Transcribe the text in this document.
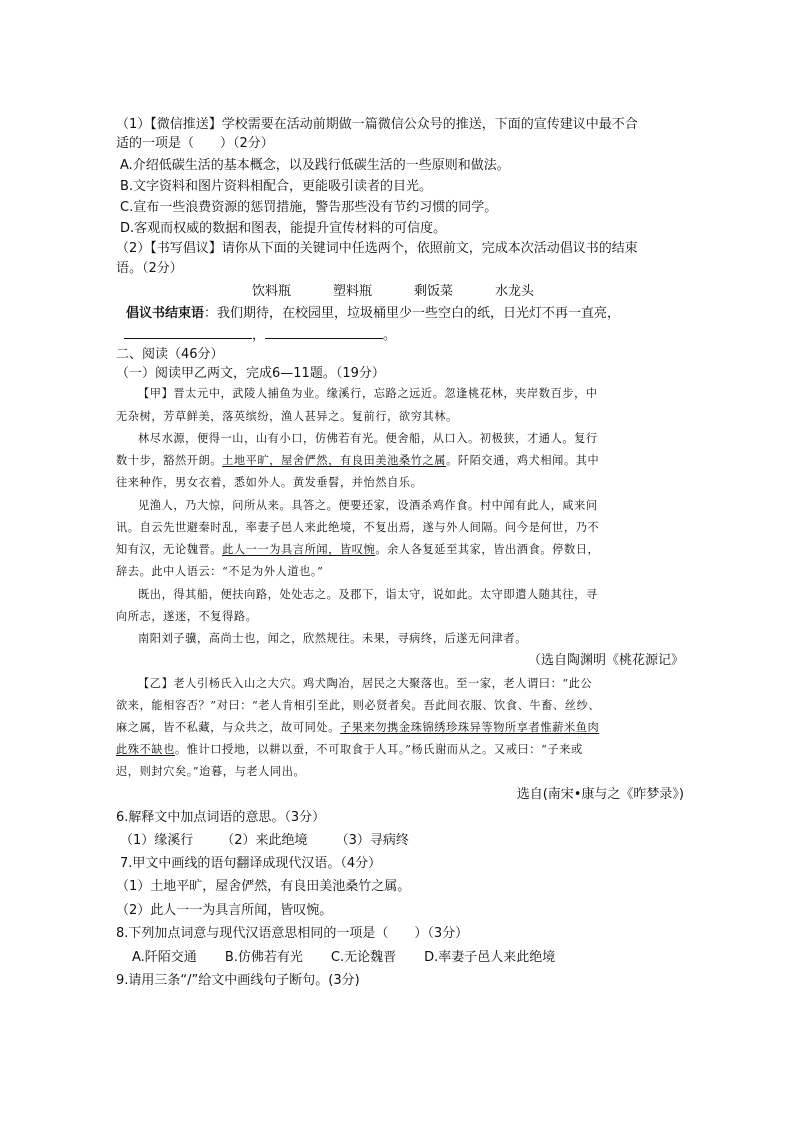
（1）【微信推送】学校需要在活动前期做一篇微信公众号的推送，下面的宣传建议中最不合
适的一项是（　　）（2分）
A.介绍低碳生活的基本概念，以及践行低碳生活的一些原则和做法。
B.文字资料和图片资料相配合，更能吸引读者的目光。
C.宣布一些浪费资源的惩罚措施，警告那些没有节约习惯的同学。
D.客观而权威的数据和图表，能提升宣传材料的可信度。
（2）【书写倡议】请你从下面的关键词中任选两个，依照前文，完成本次活动倡议书的结束
语。（2分）
饮料瓶	塑料瓶	剩饭菜	水龙头
倡议书结束语：我们期待，在校园里，垃圾桶里少一些空白的纸，日光灯不再一直亮，
，	。
二、阅读（46分）
（一）阅读甲乙两文，完成6—11题。（19分）
【甲】晋太元中，武陵人捕鱼为业。缘溪行，忘路之远近。忽逢桃花林，夹岸数百步，中
无杂树，芳草鲜美，落英缤纷，渔人甚异之。复前行，欲穷其林。
林尽水源，便得一山，山有小口，仿佛若有光。便舍船，从口入。初极狭，才通人。复行
数十步，豁然开朗。土地平旷，屋舍俨然，有良田美池桑竹之属。阡陌交通，鸡犬相闻。其中
往来种作，男女衣着，悉如外人。黄发垂髫，并怡然自乐。
见渔人，乃大惊，问所从来。具答之。便要还家，设酒杀鸡作食。村中闻有此人，咸来问
讯。自云先世避秦时乱，率妻子邑人来此绝境，不复出焉，遂与外人间隔。问今是何世，乃不
知有汉，无论魏晋。此人一一为具言所闻，皆叹惋。余人各复延至其家，皆出酒食。停数日，
辞去。此中人语云：“不足为外人道也。”
既出，得其船，便扶向路，处处志之。及郡下，诣太守，说如此。太守即遣人随其往，寻
向所志，遂迷，不复得路。
南阳刘子骥，高尚士也，闻之，欣然规往。未果，寻病终，后遂无问津者。
（选自陶渊明《桃花源记》
【乙】老人引杨氏入山之大穴。鸡犬陶冶，居民之大聚落也。至一家，老人谓曰：“此公
欲来，能相容否？”对曰：“老人肯相引至此，则必贤者矣。吾此间衣服、饮食、牛畜、丝纱、
麻之属，皆不私藏，与众共之，故可同处。子果来勿携金珠锦绣珍珠异等物所享者惟薪米鱼肉
此殊不缺也。惟计口授地，以耕以蚕，不可取食于人耳。”杨氏谢而从之。又戒曰：“子来或
迟，则封穴矣。”迨暮，与老人同出。
选自(南宋•康与之《昨梦录》)
6.解释文中加点词语的意思。（3分）
（1）缘溪行 （2）来此绝境 （3）寻病终
7.甲文中画线的语句翻译成现代汉语。（4分）
（1）土地平旷，屋舍俨然，有良田美池桑竹之属。
（2）此人一一为具言所闻，皆叹惋。
8.下列加点词意与现代汉语意思相同的一项是（　　）（3分）
A.阡陌交通 B.仿佛若有光 C.无论魏晋 D.率妻子邑人来此绝境
9.请用三条“/”给文中画线句子断句。(3分)
